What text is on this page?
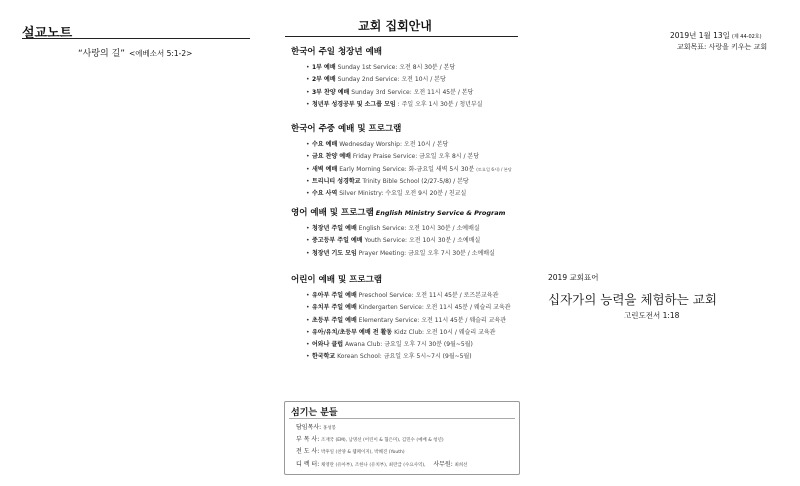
설교노트
“사랑의 길” <에베소서 5:1-2>
교회 집회안내
한국어 주일 청장년 예배
• 1부 예배 Sunday 1st Service: 오전 8시 30분 / 본당
• 2부 예배 Sunday 2nd Service: 오전 10시 / 본당
• 3부 찬양 예배 Sunday 3rd Service: 오전 11시 45분 / 본당
• 청년부 성경공부 및 소그룹 모임 : 주일 오후 1시 30분 / 청년부실
한국어 주중 예배 및 프로그램
• 수요 예배 Wednesday Worship: 오전 10시 / 본당
• 금요 찬양 예배 Friday Praise Service: 금요일 오후 8시 / 본당
• 새벽 예배 Early Morning Service: 화-금요일 새벽 5시 30분 (토요일 6시) / 본당
• 트리니티 성경학교 Trinity Bible School (2/27-5/8) / 본당
• 수요 사역 Silver Ministry: 수요일 오전 9시 20분 / 친교실
영어 예배 및 프로그램 English Ministry Service & Program
• 청장년 주일 예배 English Service: 오전 10시 30분 / 소예배실
• 중고등부 주일 예배 Youth Service: 오전 10시 30분 / 소예배실
• 청장년 기도 모임 Prayer Meeting: 금요일 오후 7시 30분 / 소예배실
어린이 예배 및 프로그램
• 유아부 주일 예배 Preschool Service: 오전 11시 45분 / 로즈본교육관
• 유치부 주일 예배 Kindergarten Service: 오전 11시 45분 / 웨슬리 교육관
• 초등부 주일 예배 Elementary Service: 오전 11시 45분 / 웨슬리 교육관
• 유아/유치/초등부 예배 전 활동 Kidz Club: 오전 10시 / 웨슬리 교육관
• 어와나 클럽 Awana Club: 금요일 오후 7시 30분 (9월~5월)
• 한국학교 Korean School: 금요일 오후 5시~7시 (9월~5월)
2019년 1월 13일 (제 44-02호)
교회목표: 사랑을 키우는 교회
2019 교회표어
십자가의 능력을 체험하는 교회
고린도전서 1:18
섬기는 분들
담임목사: 홍성봉
부 목 사: 조재국 (EM), 남명선 (어린이 & 협은미), 김민수 (예배 & 청년)
전 도 사: 박후일 (찬양 & 웹페이지), 박혜진 (Youth)
디 렉 터: 채영란 (유아부), 조한나 (유치부), 최란급 (수요사역), 사무원: 최희선
